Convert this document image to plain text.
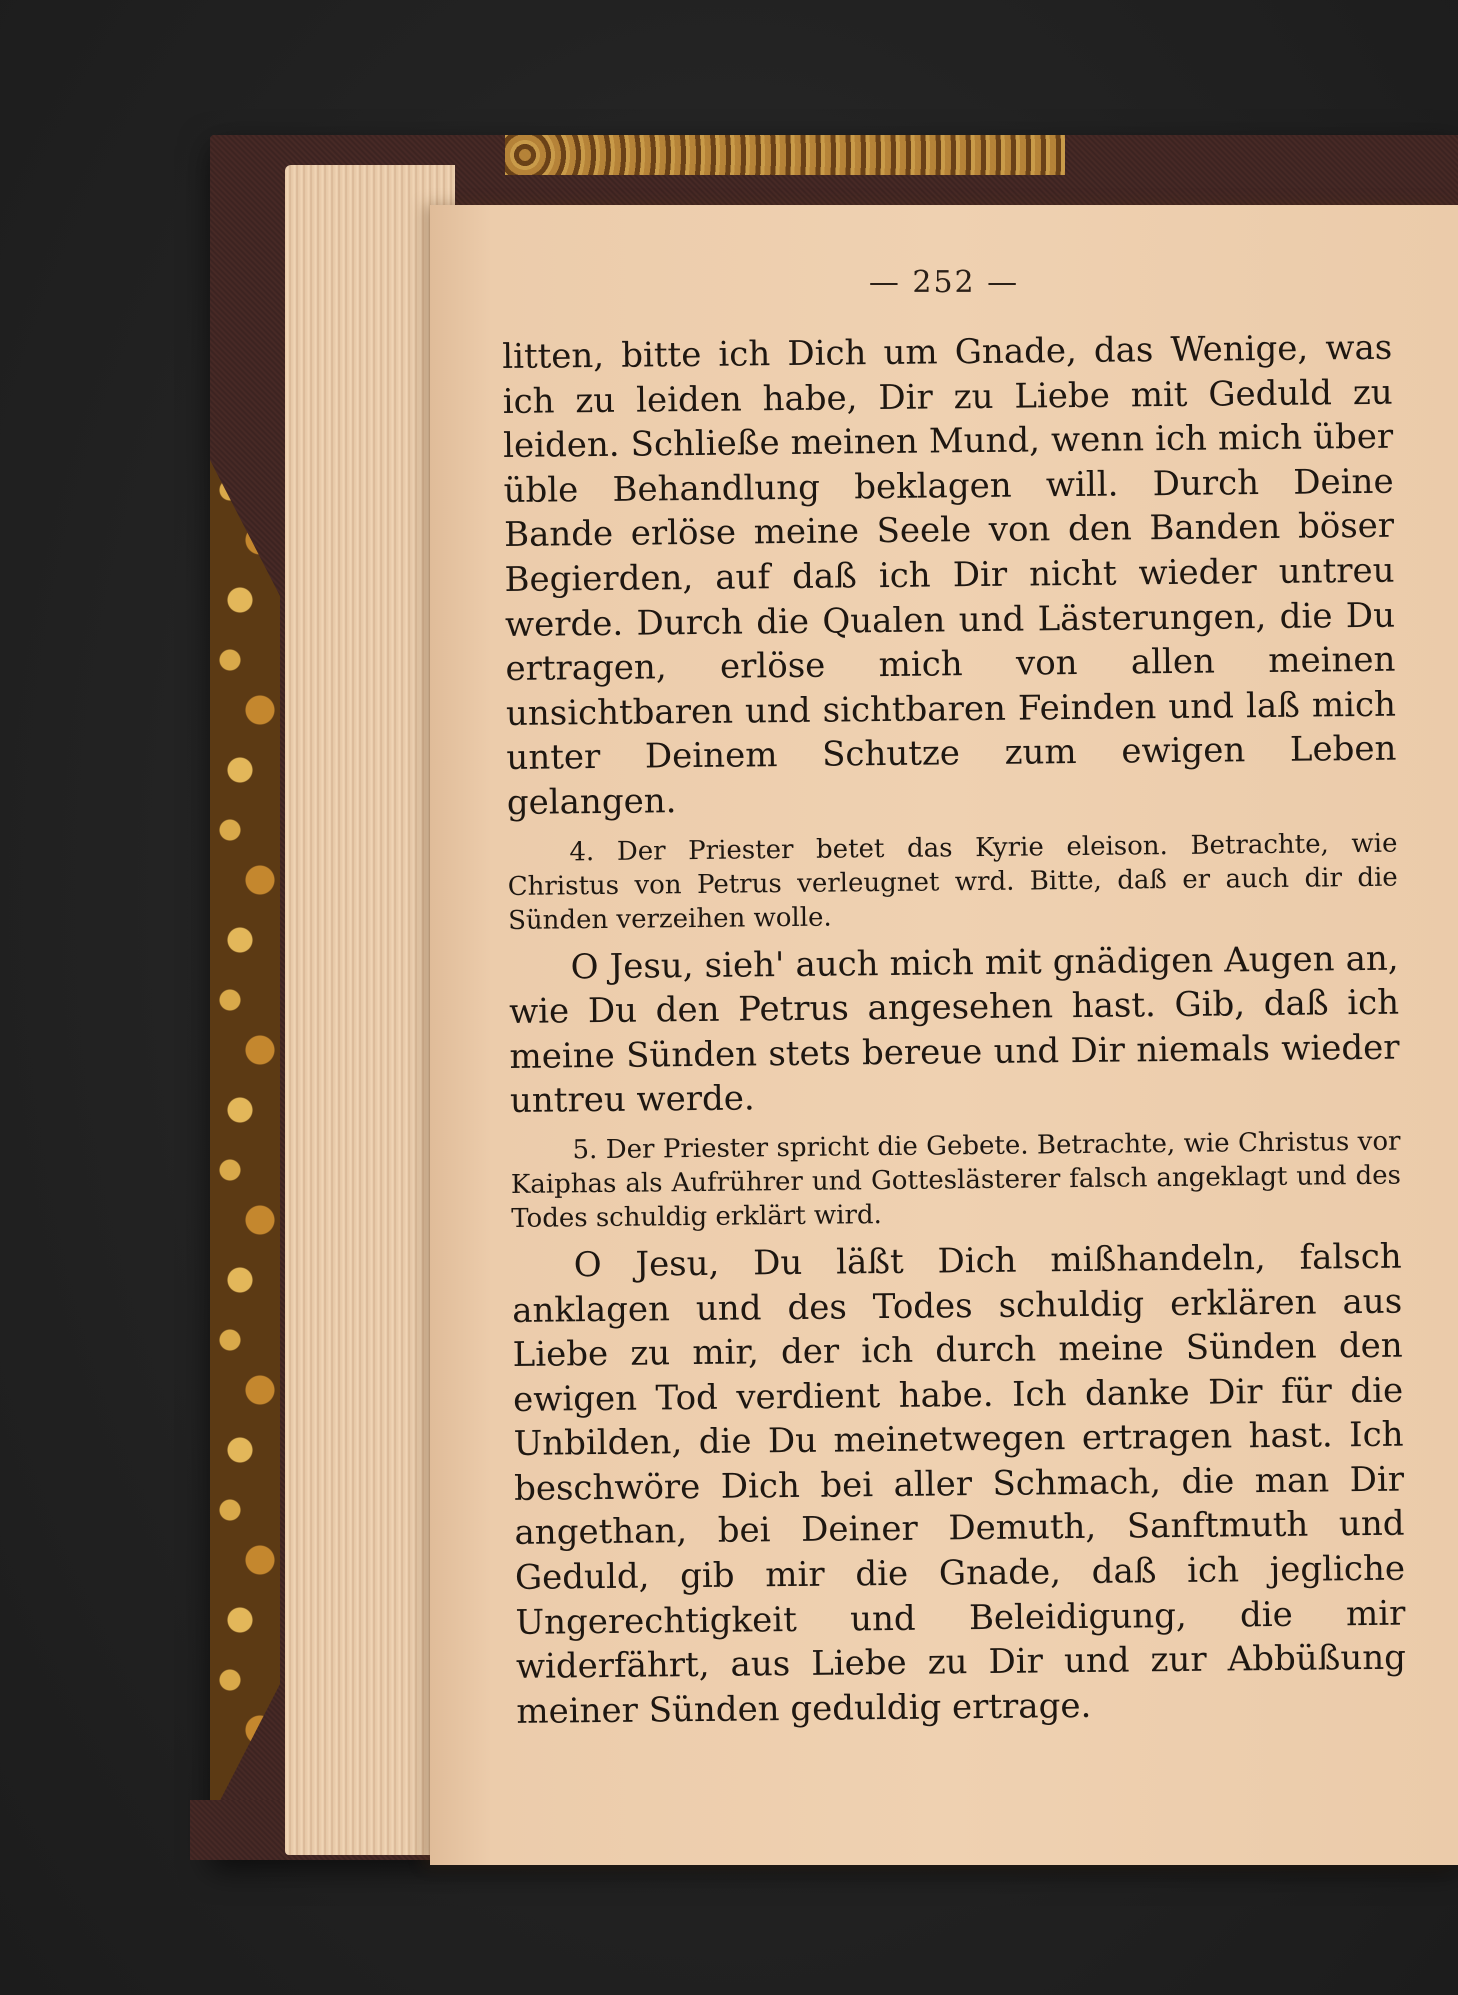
— 252 —

litten, bitte ich Dich um Gnade, das Wenige, was ich zu leiden habe, Dir zu Liebe mit Geduld zu leiden. Schließe meinen Mund, wenn ich mich über üble Behandlung beklagen will. Durch Deine Bande erlöse meine Seele von den Banden böser Begierden, auf daß ich Dir nicht wieder untreu werde. Durch die Qualen und Lästerungen, die Du ertragen, erlöse mich von allen meinen unsichtbaren und sichtbaren Feinden und laß mich unter Deinem Schutze zum ewigen Leben gelangen.

4. Der Priester betet das Kyrie eleison. Betrachte, wie Christus von Petrus verleugnet wrd. Bitte, daß er auch dir die Sünden verzeihen wolle.

O Jesu, sieh' auch mich mit gnädigen Augen an, wie Du den Petrus angesehen hast. Gib, daß ich meine Sünden stets bereue und Dir niemals wieder untreu werde.

5. Der Priester spricht die Gebete. Betrachte, wie Christus vor Kaiphas als Aufrührer und Gotteslästerer falsch angeklagt und des Todes schuldig erklärt wird.

O Jesu, Du läßt Dich mißhandeln, falsch anklagen und des Todes schuldig erklären aus Liebe zu mir, der ich durch meine Sünden den ewigen Tod verdient habe. Ich danke Dir für die Unbilden, die Du meinetwegen ertragen hast. Ich beschwöre Dich bei aller Schmach, die man Dir angethan, bei Deiner Demuth, Sanftmuth und Geduld, gib mir die Gnade, daß ich jegliche Ungerechtigkeit und Beleidigung, die mir widerfährt, aus Liebe zu Dir und zur Abbüßung meiner Sünden geduldig ertrage.
